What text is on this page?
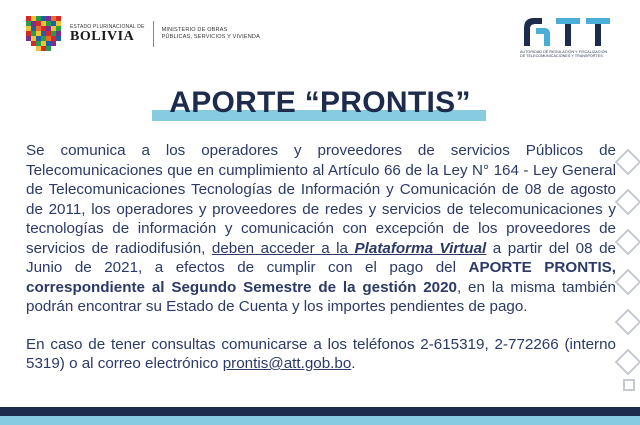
ESTADO PLURINACIONAL DE
BOLIVIA	MINISTERIO DE OBRAS
PÚBLICAS, SERVICIOS Y VIVIENDA
ATT
AUTORIDAD DE REGULACIÓN Y FISCALIZACIÓN
DE TELECOMUNICACIONES Y TRANSPORTES
APORTE “PRONTIS”

Se comunica a los operadores y proveedores de servicios Públicos de Telecomunicaciones que en cumplimiento al Artículo 66 de la Ley N° 164 - Ley General de Telecomunicaciones Tecnologías de Información y Comunicación de 08 de agosto de 2011, los operadores y proveedores de redes y servicios de telecomunicaciones y tecnologías de información y comunicación con excepción de los proveedores de servicios de radiodifusión, deben acceder a la Plataforma Virtual a partir del 08 de Junio de 2021, a efectos de cumplir con el pago del APORTE PRONTIS, correspondiente al Segundo Semestre de la gestión 2020, en la misma también podrán encontrar su Estado de Cuenta y los importes pendientes de pago.

En caso de tener consultas comunicarse a los teléfonos 2-615319, 2-772266 (interno 5319) o al correo electrónico prontis@att.gob.bo.
